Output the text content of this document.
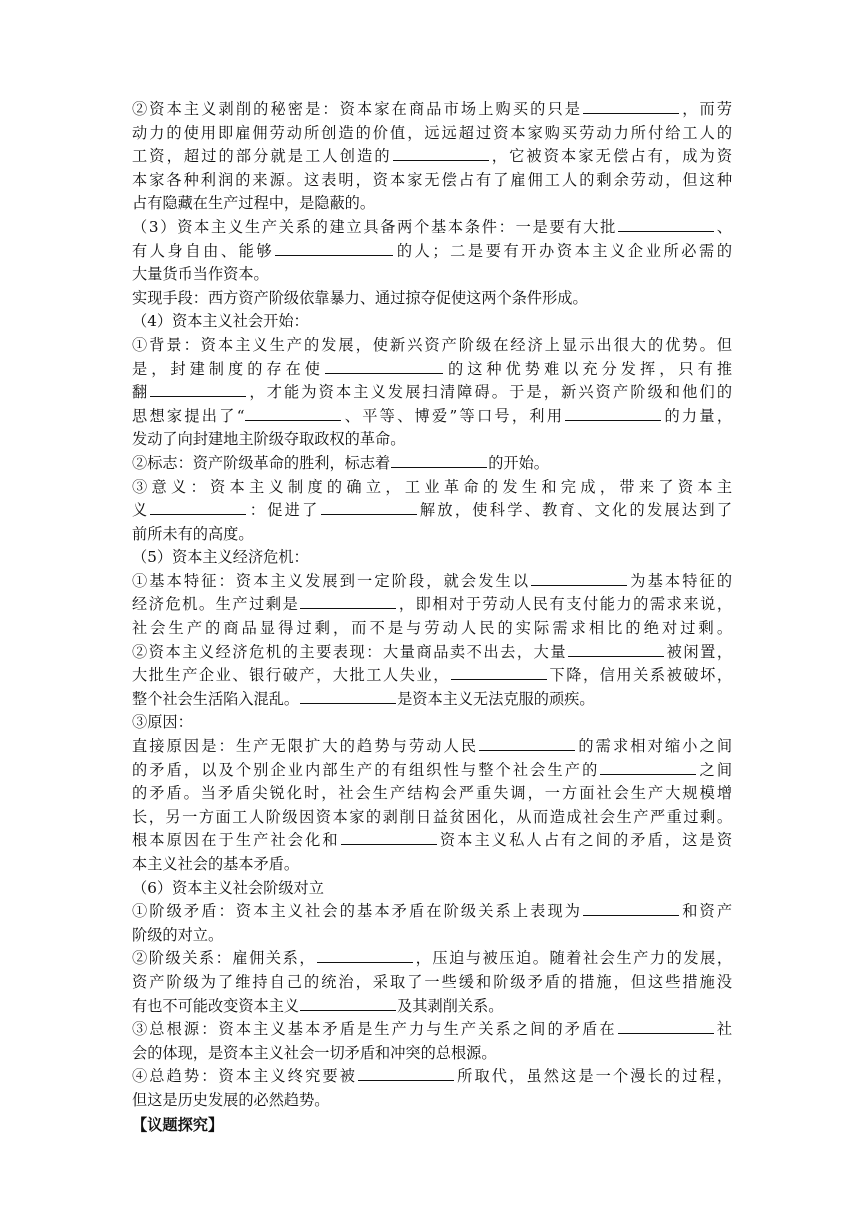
②资本主义剥削的秘密是：资本家在商品市场上购买的只是	，而劳
动力的使用即雇佣劳动所创造的价值，远远超过资本家购买劳动力所付给工人的
工资，超过的部分就是工人创造的	，它被资本家无偿占有，成为资
本家各种利润的来源。这表明，资本家无偿占有了雇佣工人的剩余劳动，但这种
占有隐藏在生产过程中，是隐蔽的。
（3）资本主义生产关系的建立具备两个基本条件：一是要有大批	、
有人身自由、能够	的人；二是要有开办资本主义企业所必需的
大量货币当作资本。
实现手段：西方资产阶级依靠暴力、通过掠夺促使这两个条件形成。
（4）资本主义社会开始：
①背景：资本主义生产的发展，使新兴资产阶级在经济上显示出很大的优势。但
是，封建制度的存在使	的这种优势难以充分发挥，只有推
翻	，才能为资本主义发展扫清障碍。于是，新兴资产阶级和他们的
思想家提出了“	、平等、博爱”等口号，利用	的力量，
发动了向封建地主阶级夺取政权的革命。
②标志：资产阶级革命的胜利，标志着	的开始。
③意义：资本主义制度的确立，工业革命的发生和完成，带来了资本主
义	：促进了	解放，使科学、教育、文化的发展达到了
前所未有的高度。
（5）资本主义经济危机：
①基本特征：资本主义发展到一定阶段，就会发生以	为基本特征的
经济危机。生产过剩是	，即相对于劳动人民有支付能力的需求来说，
社会生产的商品显得过剩，而不是与劳动人民的实际需求相比的绝对过剩。
②资本主义经济危机的主要表现：大量商品卖不出去，大量	被闲置，
大批生产企业、银行破产，大批工人失业，	下降，信用关系被破坏，
整个社会生活陷入混乱。	是资本主义无法克服的顽疾。
③原因：
直接原因是：生产无限扩大的趋势与劳动人民	的需求相对缩小之间
的矛盾，以及个别企业内部生产的有组织性与整个社会生产的	之间
的矛盾。当矛盾尖锐化时，社会生产结构会严重失调，一方面社会生产大规模增
长，另一方面工人阶级因资本家的剥削日益贫困化，从而造成社会生产严重过剩。
根本原因在于生产社会化和	资本主义私人占有之间的矛盾，这是资
本主义社会的基本矛盾。
（6）资本主义社会阶级对立
①阶级矛盾：资本主义社会的基本矛盾在阶级关系上表现为	和资产
阶级的对立。
②阶级关系：雇佣关系，	，压迫与被压迫。随着社会生产力的发展，
资产阶级为了维持自己的统治，采取了一些缓和阶级矛盾的措施，但这些措施没
有也不可能改变资本主义	及其剥削关系。
③总根源：资本主义基本矛盾是生产力与生产关系之间的矛盾在	社
会的体现，是资本主义社会一切矛盾和冲突的总根源。
④总趋势：资本主义终究要被	所取代，虽然这是一个漫长的过程，
但这是历史发展的必然趋势。
【议题探究】
